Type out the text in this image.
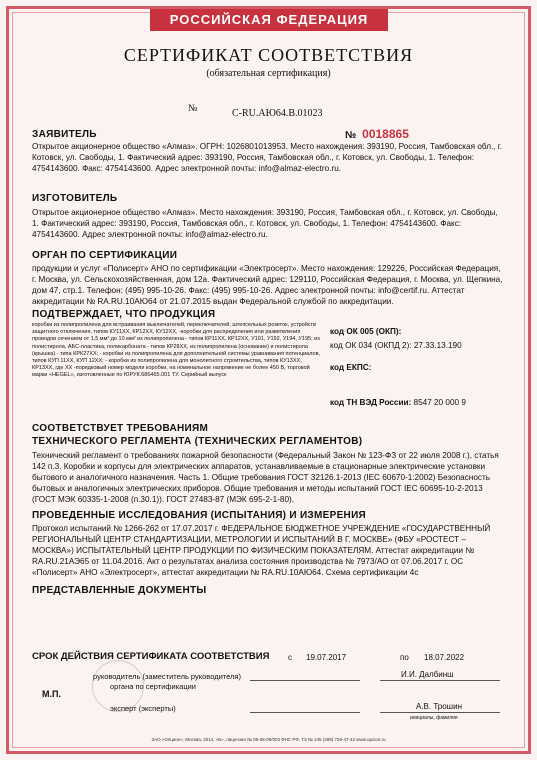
РОССИЙСКАЯ ФЕДЕРАЦИЯ
СЕРТИФИКАТ СООТВЕТСТВИЯ
(обязательная сертификация)
№	C-RU.АЮ64.В.01023
ЗАЯВИТЕЛЬ	№ 0018865
Открытое акционерное общество «Алмаз». ОГРН: 1026801013953. Место нахождения: 393190, Россия, Тамбовская обл., г. Котовск, ул. Свободы, 1. Фактический адрес: 393190, Россия, Тамбовская обл., г. Котовск, ул. Свободы, 1. Телефон: 4754143600. Факс: 4754143600. Адрес электронной почты: info@almaz-electro.ru.
ИЗГОТОВИТЕЛЬ
Открытое акционерное общество «Алмаз». Место нахождения: 393190, Россия, Тамбовская обл., г. Котовск, ул. Свободы, 1. Фактический адрес: 393190, Россия, Тамбовская обл., г. Котовск, ул. Свободы, 1. Телефон: 4754143600. Факс: 4754143600. Адрес электронной почты: info@almaz-electro.ru.
ОРГАН ПО СЕРТИФИКАЦИИ
продукции и услуг «Полисерт» АНО по сертификации «Электросерт». Место нахождения: 129226, Российская Федерация, г. Москва, ул. Сельскохозяйственная, дом 12а. Фактический адрес: 129110, Российская Федерация, г. Москва, ул. Щепкина, дом 47, стр.1. Телефон: (495) 995-10-26. Факс: (495) 995-10-26. Адрес электронной почты: info@certif.ru. Аттестат аккредитации № RA.RU.10АЮ64 от 21.07.2015 выдан Федеральной службой по аккредитации.
ПОДТВЕРЖДАЕТ, ЧТО ПРОДУКЦИЯ
коробки из полипропилена для встраивания выключателей, переключателей, штепсельных розеток, устройств защитного отключения, типов КУ11ХХ, КР12ХХ, КУ12ХХ, -коробки для распределения или разветвления проводов сечением от 1,5 мм² до 10 мм² из полипропилена - типов КР11ХХ, КР12ХХ, У191, У192, У194, У195; из полистирола, АБС-пластика, поликарбоната - типов КР28ХХ, из полипропилена (основание) и полистирола (крышка) - типа КРК27ХХ; - коробки из полипропилена для дополнительной системы уравнивания потенциалов, типов КУП 11ХХ, КУП 12ХХ; - коробки из полипропилена для монолитного строительства, типов КУ13ХХ, КР13ХХ, где ХХ -порядковый номер модели коробки, на номинальное напряжение не более 450 В, торговой марки «HEGEL», изготовленные по ЮРУК.686465.001 ТУ. Серийный выпуск
код ОК 005 (ОКП):
код ОК 034 (ОКПД 2): 27.33.13.190
код ЕКПС:
код ТН ВЭД России: 8547 20 000 9
СООТВЕТСТВУЕТ ТРЕБОВАНИЯМ
ТЕХНИЧЕСКОГО РЕГЛАМЕНТА (ТЕХНИЧЕСКИХ РЕГЛАМЕНТОВ)
Технический регламент о требованиях пожарной безопасности (Федеральный Закон № 123-ФЗ от 22 июля 2008 г.), статья 142 п.3. Коробки и корпусы для электрических аппаратов, устанавливаемые в стационарные электрические установки бытового и аналогичного назначения. Часть 1. Общие требования ГОСТ 32126.1-2013 (IEC 60670-1:2002) Безопасность бытовых и аналогичных электрических приборов. Общие требования и методы испытаний ГОСТ IEC 60695-10-2-2013 (ГОСТ МЭК 60335-1-2008 (п.30.1)). ГОСТ 27483-87 (МЭК 695-2-1-80).
ПРОВЕДЕННЫЕ ИССЛЕДОВАНИЯ (ИСПЫТАНИЯ) И ИЗМЕРЕНИЯ
Протокол испытаний № 1266-262 от 17.07.2017 г. ФЕДЕРАЛЬНОЕ БЮДЖЕТНОЕ УЧРЕЖДЕНИЕ «ГОСУДАРСТВЕННЫЙ РЕГИОНАЛЬНЫЙ ЦЕНТР СТАНДАРТИЗАЦИИ, МЕТРОЛОГИИ И ИСПЫТАНИЙ В Г. МОСКВЕ» (ФБУ «РОСТЕСТ – МОСКВА») ИСПЫТАТЕЛЬНЫЙ ЦЕНТР ПРОДУКЦИИ ПО ФИЗИЧЕСКИМ ПОКАЗАТЕЛЯМ. Аттестат аккредитации № RA.RU.21АЭ65 от 11.04.2016. Акт о результатах анализа состояния производства № 7973/АО от 07.06.2017 г. ОС «Полисерт» АНО «Электросерт», аттестат аккредитации № RA.RU.10АЮ64. Схема сертификации 4с
ПРЕДСТАВЛЕННЫЕ ДОКУМЕНТЫ
СРОК ДЕЙСТВИЯ СЕРТИФИКАТА СООТВЕТСТВИЯ с 19.07.2017	по 18.07.2022
руководитель (заместитель руководителя)
органа по сертификации
И.И. Далбинш
М.П.
эксперт (эксперты)	А.В. Трошин
инициалы, фамилия
ЗАО «Опцион», Москва, 2014, «Б», лицензия № 05-05-09/003 ФНС РФ, ТЗ № 145 (499) 726-47-42 www.opcion.ru
